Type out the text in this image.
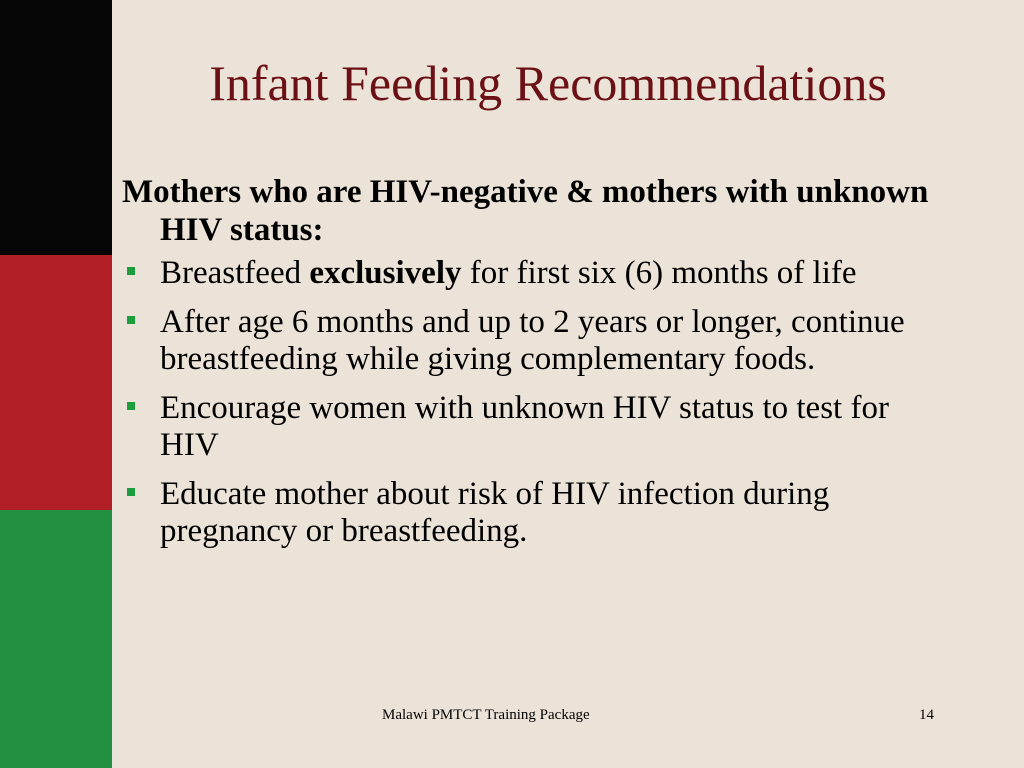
Infant Feeding Recommendations

Mothers who are HIV-negative & mothers with unknown HIV status:

Breastfeed exclusively for first six (6) months of life
After age 6 months and up to 2 years or longer, continue breastfeeding while giving complementary foods.
Encourage women with unknown HIV status to test for HIV
Educate mother about risk of HIV infection during pregnancy or breastfeeding.
Malawi PMTCT Training Package	14
